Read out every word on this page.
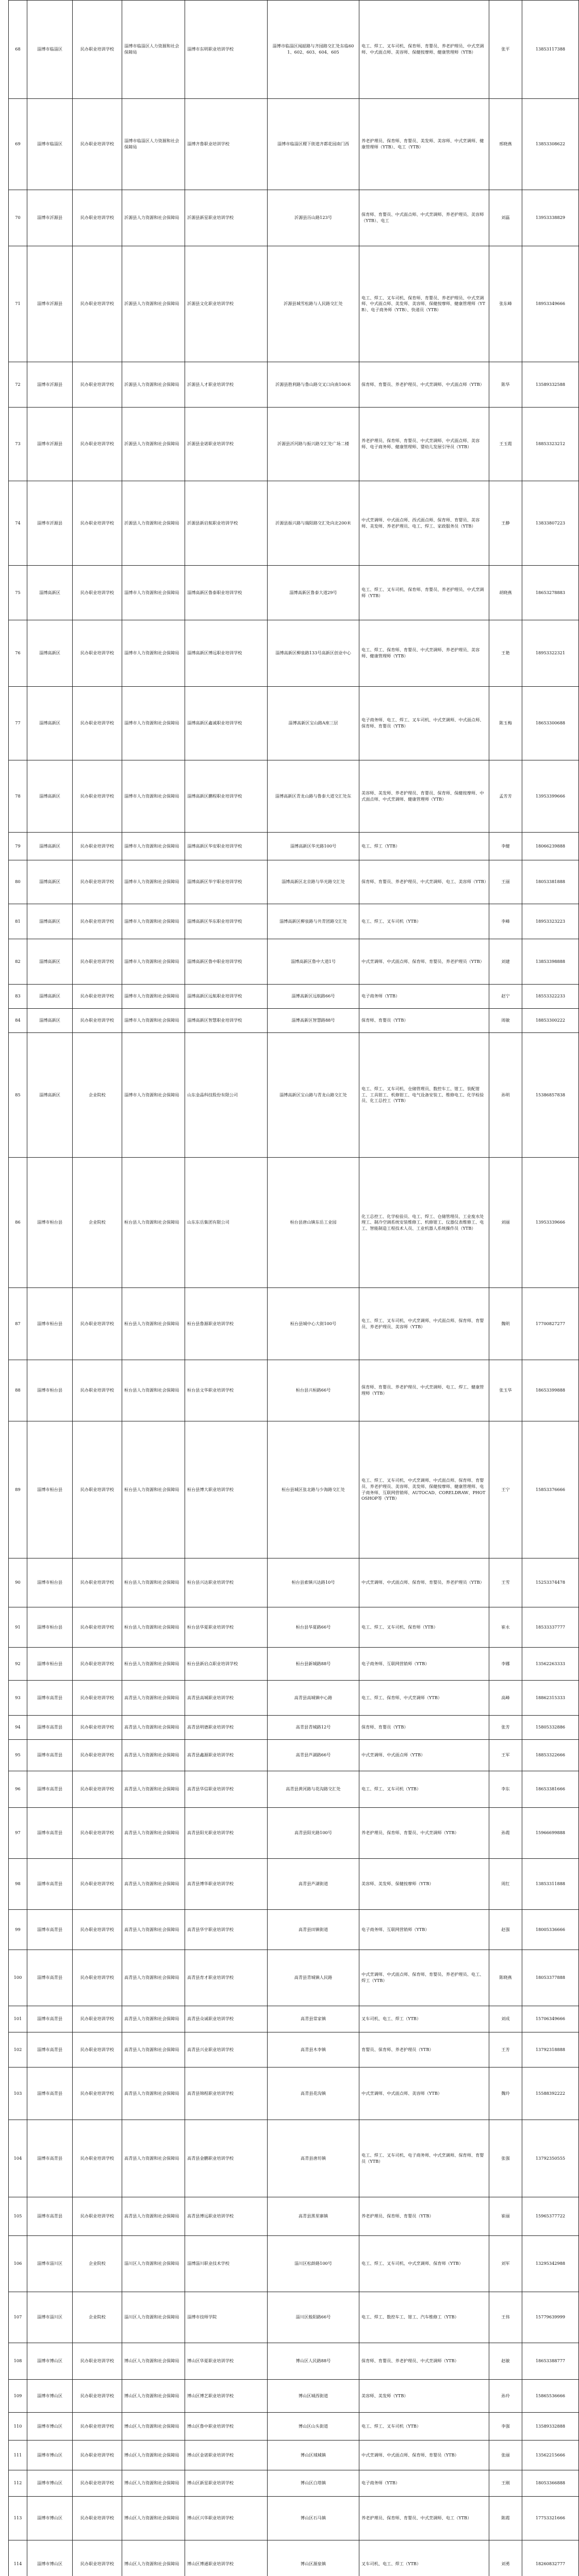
68	淄博市临淄区	民办职业培训学校	淄博市临淄区人力资源和社会保障局	淄博市东明职业培训学校	淄博市临淄区闻韶路与齐园路交汇处东临601、602、603、604、605	电工、焊工、叉车司机、保育师、育婴员、养老护理员、中式烹调师、中式面点师、美容师、保健按摩师、健康管理师（YTB）	张平	13853117388
69	淄博市临淄区	民办职业培训学校	淄博市临淄区人力资源和社会保障局	淄博齐鲁职业培训学校	淄博市临淄区稷下街道齐都花园南门西	养老护理员、保育师、育婴员、美发师、美容师、中式烹调师、健康管理师（YTB）、电工（YTB）	邢晓燕	13853308622
70	淄博市沂源县	民办职业培训学校	沂源县人力资源和社会保障局	沂源县新星职业培训学校	沂源县历山路123号	保育师、育婴员、中式面点师、中式烹调师、养老护理员、美容师（YTB）、电工	刘磊	13953338829
71	淄博市沂源县	民办职业培训学校	沂源县人力资源和社会保障局	沂源县文化职业培训学校	沂源县城雪松路与人民路交汇处	电工、焊工、叉车司机、保育师、育婴员、养老护理员、中式烹调师、中式面点师、美发师、美容师、保健按摩师、健康管理师（YTB）、电子商务师（YTB）、快递员（YTB）	张东峰	18953349666
72	淄博市沂源县	民办职业培训学校	沂源县人力资源和社会保障局	沂源县人才职业培训学校	沂源县胜利路与鲁山路交叉口向南100米	保育师、育婴员、养老护理员、中式烹调师、中式面点师（YTB）	陈华	13589332588
73	淄博市沂源县	民办职业培训学校	沂源县人力资源和社会保障局	沂源县金诺职业培训学校	沂源县沂河路与振兴路交汇处广场二楼	养老护理员、保育师、育婴员、中式烹调师、中式面点师、美容师、电子商务师、健康管理师、婴幼儿发展引导员（YTB）	王玉霞	18853323212
74	淄博市沂源县	民办职业培训学校	沂源县人力资源和社会保障局	沂源县新启航职业培训学校	沂源县振兴路与瑞阳路交汇处向北200米	中式烹调师、中式面点师、西式面点师、保育师、育婴员、美容师、美发师、养老护理员、电工、焊工、家政服务员（YTB）	王静	13833807223
75	淄博高新区	民办职业培训学校	淄博市人力资源和社会保障局	淄博高新区鲁泰职业培训学校	淄博高新区鲁泰大道29号	电工、焊工、叉车司机、保育师、育婴员、养老护理员、中式烹调师（YTB）	胡晓燕	18653278883
76	淄博高新区	民办职业培训学校	淄博市人力资源和社会保障局	淄博高新区博远职业培训学校	淄博高新区柳泉路133号高新区创业中心	电工、焊工、保育师、育婴员、中式烹调师、养老护理员、美容师、健康管理师（YTB）	王艳	18953322321
77	淄博高新区	民办职业培训学校	淄博市人力资源和社会保障局	淄博高新区鑫诚职业培训学校	淄博高新区宝山路A座三层	电子商务师、电工、焊工、叉车司机、中式烹调师、中式面点师、保育师、育婴员（YTB）	陈玉梅	18653300688
78	淄博高新区	民办职业培训学校	淄博市人力资源和社会保障局	淄博高新区鹏程职业培训学校	淄博高新区青龙山路与鲁泰大道交汇处东	美容师、美发师、养老护理员、育婴员、保育师、保健按摩师、中式面点师、中式烹调师、健康管理师（YTB）	孟芳芳	13953399666
79	淄博高新区	民办职业培训学校	淄博市人力资源和社会保障局	淄博高新区华安职业培训学校	淄博高新区华光路100号	电工、焊工（YTB）	李健	18066239888
80	淄博高新区	民办职业培训学校	淄博市人力资源和社会保障局	淄博高新区华宇职业培训学校	淄博高新区北京路与华光路交汇处	保育师、育婴员、养老护理员、中式烹调师、电工、美容师（YTB）	王丽	18053381888
81	淄博高新区	民办职业培训学校	淄博市人力资源和社会保障局	淄博高新区华东职业培训学校	淄博高新区柳泉路与共青团路交汇处	电工、焊工、叉车司机（YTB）	李峰	18953323223
82	淄博高新区	民办职业培训学校	淄博市人力资源和社会保障局	淄博高新区鲁中职业培训学校	淄博高新区鲁中大道1号	中式烹调师、中式面点师、保育师、育婴员、养老护理员（YTB）	刘建	13853398888
83	淄博高新区	民办职业培训学校	淄博市人力资源和社会保障局	淄博高新区远航职业培训学校	淄博高新区远航路66号	电子商务师（YTB）	赵宁	18553322233
84	淄博高新区	民办职业培训学校	淄博市人力资源和社会保障局	淄博高新区智慧职业培训学校	淄博高新区智慧路88号	保育师、育婴员（YTB）	周敏	18853300222
85	淄博高新区	企业院校	淄博市人力资源和社会保障局	山东金晶科技股份有限公司	淄博高新区宝山路与青龙山路交汇处	电工、焊工、叉车司机、仓储管理员、数控车工、钳工、装配钳工、工具钳工、机修钳工、电气设备安装工、维修电工、化学检验员、化工总控工（YTB）	孙明	15386857838
86	淄博市桓台县	企业院校	桓台县人力资源和社会保障局	山东东岳集团有限公司	桓台县唐山镇东岳工业园	化工总控工、化学检验员、电工、焊工、仓储管理员、工业废水处理工、制冷空调系统安装维修工、机修钳工、仪器仪表维修工、电工、智能制造工程技术人员、工业机器人系统操作员（YTB）	刘丽	13953339666
87	淄博市桓台县	民办职业培训学校	桓台县人力资源和社会保障局	桓台县鲁源职业培训学校	桓台县城中心大街100号	电工、焊工、叉车司机、中式烹调师、中式面点师、保育师、育婴员、养老护理员、美容师（YTB）	魏明	17700827277
88	淄博市桓台县	民办职业培训学校	桓台县人力资源和社会保障局	桓台县文华职业培训学校	桓台县兴桓路66号	保育师、育婴员、养老护理员、中式烹调师、电工、焊工、健康管理师（YTB）	张玉华	18653399888
89	淄博市桓台县	民办职业培训学校	桓台县人力资源和社会保障局	桓台县博大职业培训学校	桓台县城区张北路与少海路交汇处	电工、焊工、叉车司机、中式烹调师、中式面点师、保育师、育婴员、养老护理员、美容师、美发师、保健按摩师、健康管理师、电子商务师、互联网营销师、AUTOCAD、CORELDRAW、PHOTOSHOP等（YTB）	王宁	15853376666
90	淄博市桓台县	民办职业培训学校	桓台县人力资源和社会保障局	桓台县兴达职业培训学校	桓台县索镇兴达路10号	中式烹调师、中式面点师、保育师、育婴员、养老护理员（YTB）	王雪	15253374478
91	淄博市桓台县	民办职业培训学校	桓台县人力资源和社会保障局	桓台县华夏职业培训学校	桓台县华夏路66号	电工、焊工、叉车司机、保育师（YTB）	崔永	18533337777
92	淄博市桓台县	民办职业培训学校	桓台县人力资源和社会保障局	桓台县新启点职业培训学校	桓台县新城路88号	电子商务师、互联网营销师（YTB）	李娜	13562263333
93	淄博市高青县	民办职业培训学校	高青县人力资源和社会保障局	高青县高城职业培训学校	高青县高城镇中心路	电工、焊工、保育师、中式烹调师（YTB）	高峰	18862315333
94	淄博市高青县	民办职业培训学校	高青县人力资源和社会保障局	高青县明德职业培训学校	高青县青城路12号	保育师、育婴员（YTB）	张芳	15805332886
95	淄博市高青县	民办职业培训学校	高青县人力资源和社会保障局	高青县鑫源职业培训学校	高青县芦湖路66号	中式烹调师、中式面点师（YTB）	王军	18853322666
96	淄博市高青县	民办职业培训学校	高青县人力资源和社会保障局	高青县华信职业培训学校	高青县黄河路与花沟路交汇处	电工、焊工、叉车司机（YTB）	李东	18653381666
97	淄博市高青县	民办职业培训学校	高青县人力资源和社会保障局	高青县阳光职业培训学校	高青县阳光路100号	养老护理员、保育师、育婴员、中式烹调师（YTB）	孙霞	15966699888
98	淄博市高青县	民办职业培训学校	高青县人力资源和社会保障局	高青县博华职业培训学校	高青县芦湖街道	美容师、美发师、保健按摩师（YTB）	周红	13853311888
99	淄博市高青县	民办职业培训学校	高青县人力资源和社会保障局	高青县华宇职业培训学校	高青县田镇街道	电子商务师、互联网营销师（YTB）	赵强	18005336666
100	淄博市高青县	民办职业培训学校	高青县人力资源和社会保障局	高青县育才职业培训学校	高青县青城镇人民路	中式烹调师、中式面点师、保育师、育婴员、养老护理员、电工、焊工（YTB）	陈晓燕	18053377888
101	淄博市高青县	民办职业培训学校	高青县人力资源和社会保障局	高青县众诚职业培训学校	高青县常家镇	叉车司机、电工、焊工（YTB）	刘成	15706349666
102	淄博市高青县	民办职业培训学校	高青县人力资源和社会保障局	高青县兴业职业培训学校	高青县木李镇	育婴员、保育师、养老护理员（YTB）	王芳	13792318888
103	淄博市高青县	民办职业培训学校	高青县人力资源和社会保障局	高青县锦程职业培训学校	高青县花沟镇	中式烹调师、中式面点师、美容师（YTB）	魏玲	15588392222
104	淄博市高青县	民办职业培训学校	高青县人力资源和社会保障局	高青县金鹏职业培训学校	高青县唐坊镇	电工、焊工、叉车司机、电子商务师、中式烹调师、保育师、育婴员（YTB）	张强	13792350555
105	淄博市高青县	民办职业培训学校	高青县人力资源和社会保障局	高青县博远职业培训学校	高青县黑里寨镇	养老护理员、保育师、育婴员（YTB）	崔丽	15965377722
106	淄博市淄川区	企业院校	淄川区人力资源和社会保障局	淄博淄川职业技术学校	淄川区松龄路100号	电工、焊工、叉车司机、中式烹调师、保育师（YTB）	刘军	13295342988
107	淄博市淄川区	企业院校	淄川区人力资源和社会保障局	淄博市技师学院	淄川区般阳路66号	电工、焊工、数控车工、钳工、汽车维修工（YTB）	王伟	15779639999
108	淄博市博山区	民办职业培训学校	博山区人力资源和社会保障局	博山区华夏职业培训学校	博山区人民路88号	保育师、育婴员、养老护理员、中式烹调师（YTB）	赵敏	18653388777
109	淄博市博山区	民办职业培训学校	博山区人力资源和社会保障局	博山区博艺职业培训学校	博山区城西街道	美容师、美发师（YTB）	孙玲	15865536666
110	淄博市博山区	民办职业培训学校	博山区人力资源和社会保障局	博山区鲁中职业培训学校	博山区山头街道	电工、焊工、叉车司机（YTB）	李强	13589332888
111	淄博市博山区	民办职业培训学校	博山区人力资源和社会保障局	博山区金诺职业培训学校	博山区域城镇	中式烹调师、中式面点师、保育师、育婴员（YTB）	张丽	13562215666
112	淄博市博山区	民办职业培训学校	博山区人力资源和社会保障局	博山区新星职业培训学校	博山区白塔镇	电子商务师（YTB）	王刚	18053366888
113	淄博市博山区	民办职业培训学校	博山区人力资源和社会保障局	博山区兴华职业培训学校	博山区石马镇	养老护理员、保育师、育婴员、中式烹调师、电工（YTB）	陈霞	17753321666
114	淄博市博山区	民办职业培训学校	博山区人力资源和社会保障局	博山区博通职业培训学校	博山区源泉镇	叉车司机、电工、焊工（YTB）	刘勇	18260832777
